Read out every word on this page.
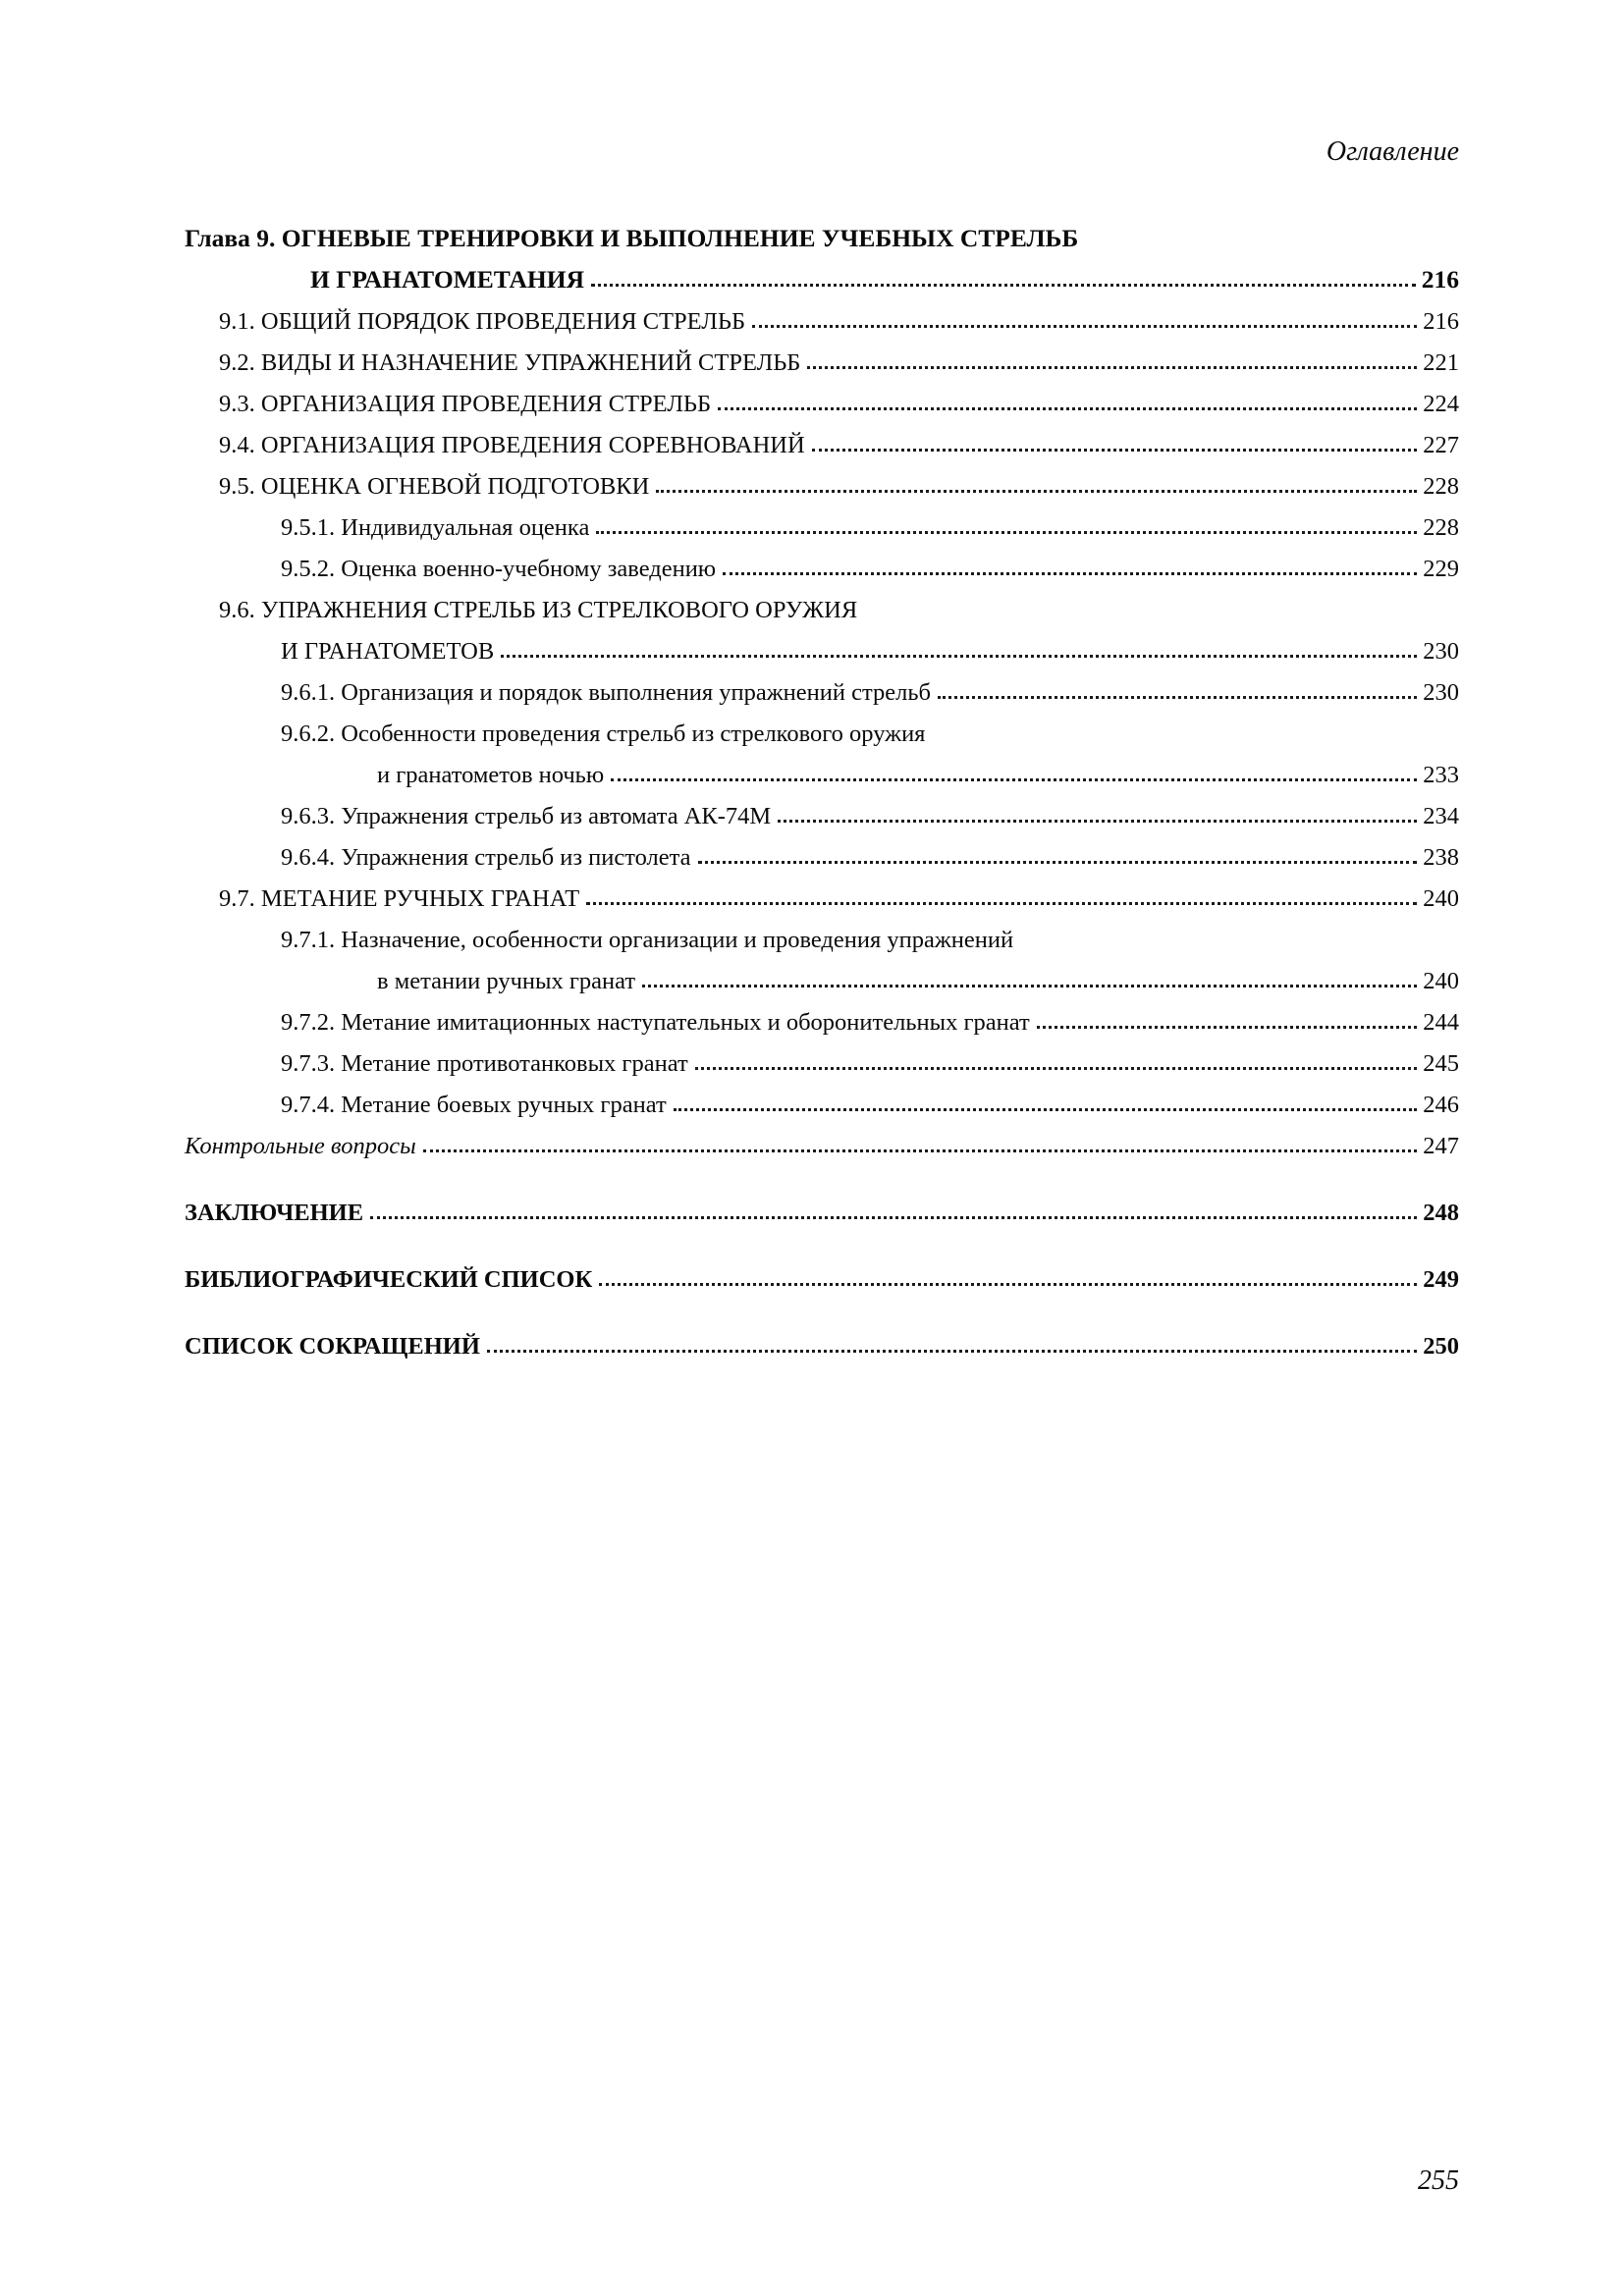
Оглавление
Глава 9. ОГНЕВЫЕ ТРЕНИРОВКИ И ВЫПОЛНЕНИЕ УЧЕБНЫХ СТРЕЛЬБ
И ГРАНАТОМЕТАНИЯ	216
9.1. ОБЩИЙ ПОРЯДОК ПРОВЕДЕНИЯ СТРЕЛЬБ	216
9.2. ВИДЫ И НАЗНАЧЕНИЕ УПРАЖНЕНИЙ СТРЕЛЬБ	221
9.3. ОРГАНИЗАЦИЯ ПРОВЕДЕНИЯ СТРЕЛЬБ	224
9.4. ОРГАНИЗАЦИЯ ПРОВЕДЕНИЯ СОРЕВНОВАНИЙ	227
9.5. ОЦЕНКА ОГНЕВОЙ ПОДГОТОВКИ	228
9.5.1. Индивидуальная оценка	228
9.5.2. Оценка военно-учебному заведению	229
9.6. УПРАЖНЕНИЯ СТРЕЛЬБ ИЗ СТРЕЛКОВОГО ОРУЖИЯ
И ГРАНАТОМЕТОВ	230
9.6.1. Организация и порядок выполнения упражнений стрельб	230
9.6.2. Особенности проведения стрельб из стрелкового оружия
и гранатометов ночью	233
9.6.3. Упражнения стрельб из автомата АК-74М	234
9.6.4. Упражнения стрельб из пистолета	238
9.7. МЕТАНИЕ РУЧНЫХ ГРАНАТ	240
9.7.1. Назначение, особенности организации и проведения упражнений
в метании ручных гранат	240
9.7.2. Метание имитационных наступательных и оборонительных гранат	244
9.7.3. Метание противотанковых гранат	245
9.7.4. Метание боевых ручных гранат	246
Контрольные вопросы	247
ЗАКЛЮЧЕНИЕ	248
БИБЛИОГРАФИЧЕСКИЙ СПИСОК	249
СПИСОК СОКРАЩЕНИЙ	250
255
